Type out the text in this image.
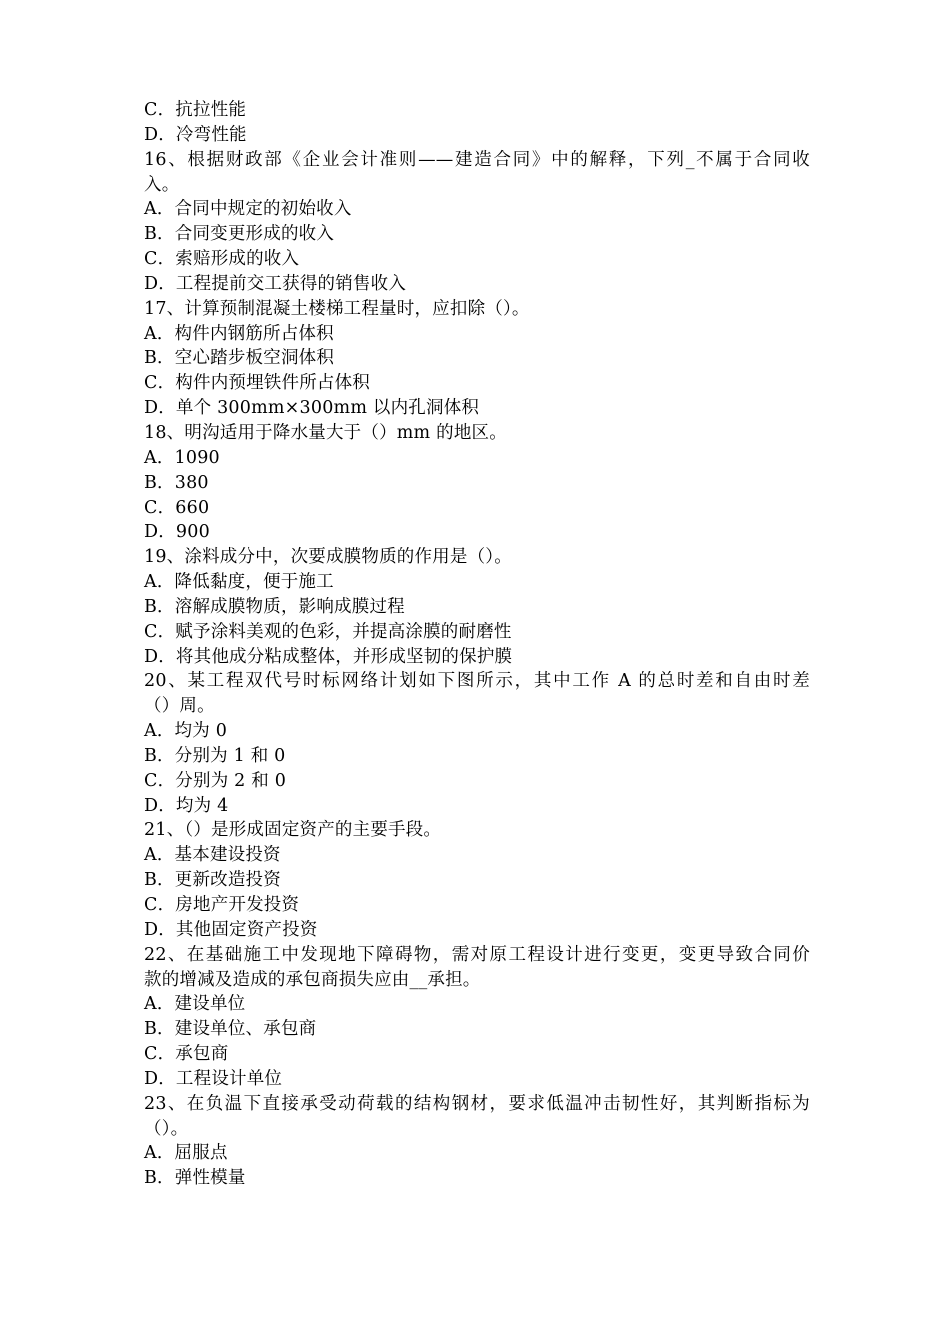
C．抗拉性能
D．冷弯性能
16、根据财政部《企业会计准则——建造合同》中的解释，下列_不属于合同收
入。
A．合同中规定的初始收入
B．合同变更形成的收入
C．索赔形成的收入
D．工程提前交工获得的销售收入
17、计算预制混凝土楼梯工程量时，应扣除（）。
A．构件内钢筋所占体积
B．空心踏步板空洞体积
C．构件内预埋铁件所占体积
D．单个 300mm×300mm 以内孔洞体积
18、明沟适用于降水量大于（）mm 的地区。
A．1090
B．380
C．660
D．900
19、涂料成分中，次要成膜物质的作用是（）。
A．降低黏度，便于施工
B．溶解成膜物质，影响成膜过程
C．赋予涂料美观的色彩，并提高涂膜的耐磨性
D．将其他成分粘成整体，并形成坚韧的保护膜
20、某工程双代号时标网络计划如下图所示，其中工作 A 的总时差和自由时差
（）周。
A．均为 0
B．分别为 1 和 0
C．分别为 2 和 0
D．均为 4
21、（）是形成固定资产的主要手段。
A．基本建设投资
B．更新改造投资
C．房地产开发投资
D．其他固定资产投资
22、在基础施工中发现地下障碍物，需对原工程设计进行变更，变更导致合同价
款的增减及造成的承包商损失应由__承担。
A．建设单位
B．建设单位、承包商
C．承包商
D．工程设计单位
23、在负温下直接承受动荷载的结构钢材，要求低温冲击韧性好，其判断指标为
（）。
A．屈服点
B．弹性模量
